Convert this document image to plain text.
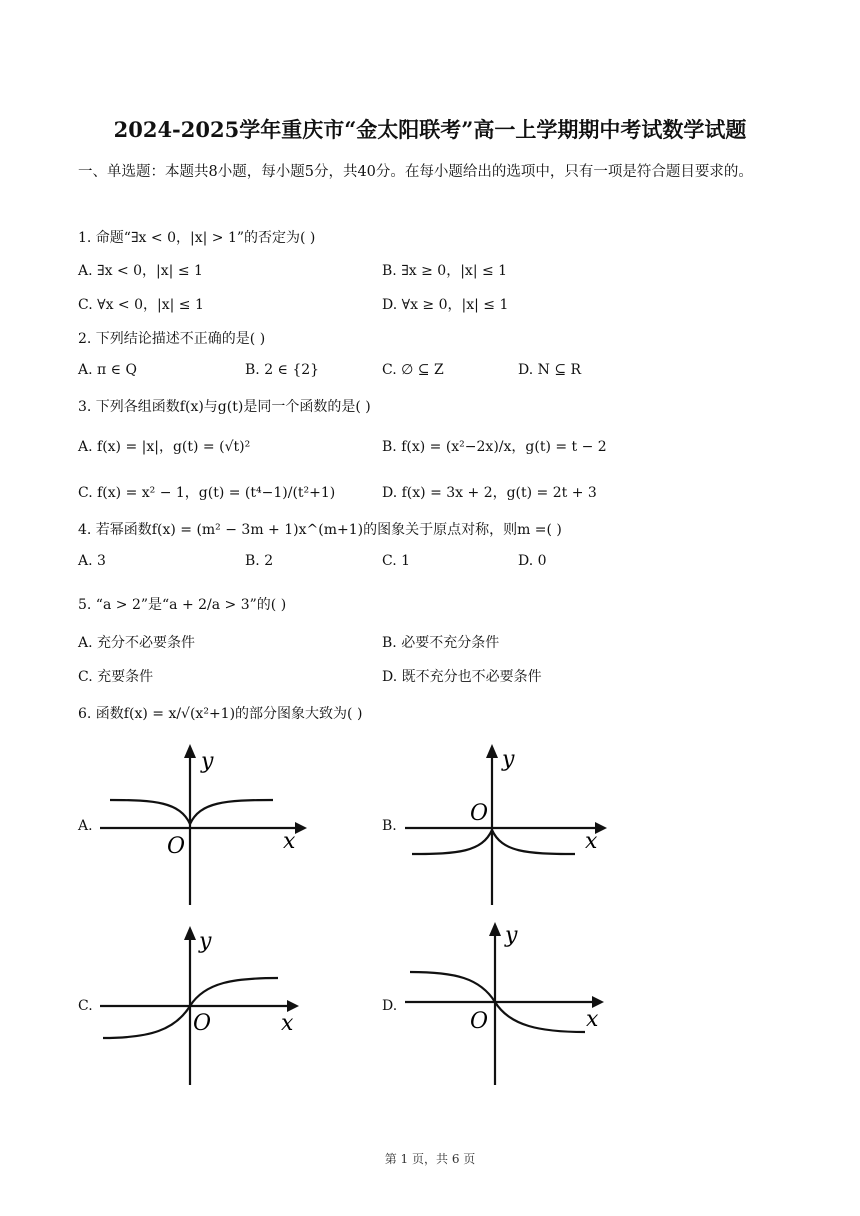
2024-2025学年重庆市“金太阳联考”高一上学期期中考试数学试题
一、单选题：本题共8小题，每小题5分，共40分。在每小题给出的选项中，只有一项是符合题目要求的。
1. 命题“∃x < 0，|x| > 1”的否定为( )
A. ∃x < 0，|x| ≤ 1	B. ∃x ≥ 0，|x| ≤ 1
C. ∀x < 0，|x| ≤ 1	D. ∀x ≥ 0，|x| ≤ 1
2. 下列结论描述不正确的是( )
A. π ∈ Q	B. 2 ∈ {2}	C. ∅ ⊆ Z	D. N ⊆ R
3. 下列各组函数f(x)与g(t)是同一个函数的是( )
A. f(x) = |x|，g(t) = (√t)²	B. f(x) = (x²−2x)/x，g(t) = t − 2
C. f(x) = x² − 1，g(t) = (t⁴−1)/(t²+1)	D. f(x) = 3x + 2，g(t) = 2t + 3
4. 若幂函数f(x) = (m² − 3m + 1)x^(m+1)的图象关于原点对称，则m =( )
A. 3	B. 2	C. 1	D. 0
5. “a > 2”是“a + 2/a > 3”的( )
A. 充分不必要条件	B. 必要不充分条件
C. 充要条件	D. 既不充分也不必要条件
6. 函数f(x) = x/√(x²+1)的部分图象大致为( )
A.	B.
C.	D.
y
x
O
y
x
O
y
x
O
y
x
O
第 1 页，共 6 页
